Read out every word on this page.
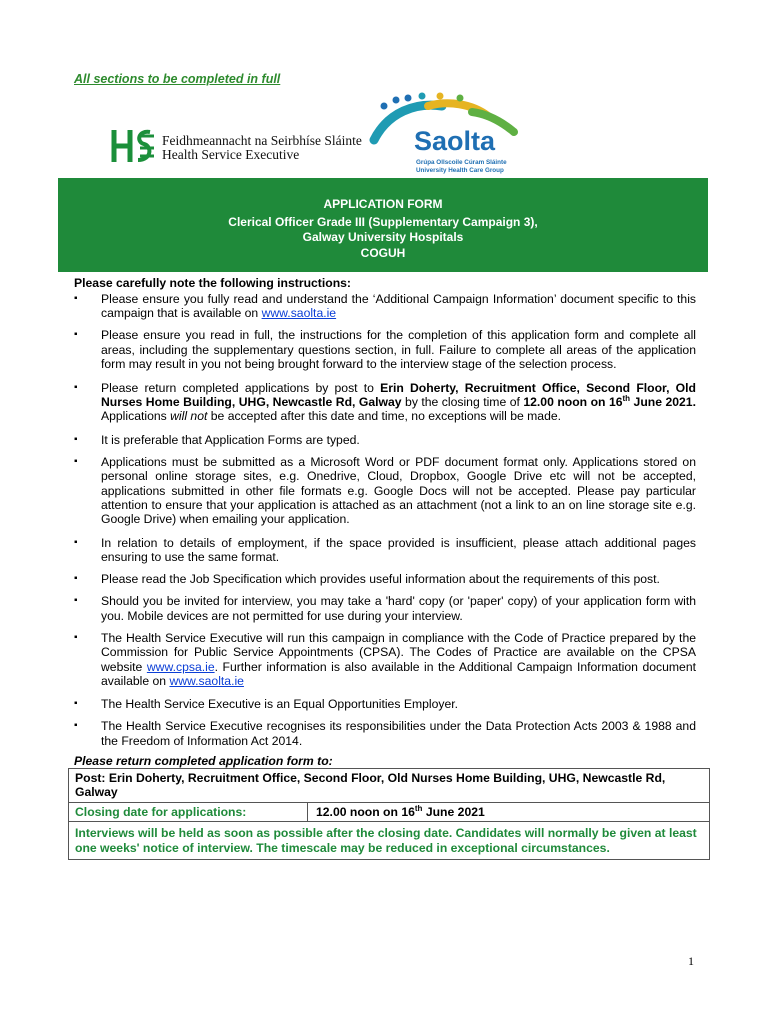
All sections to be completed in full
Feidhmeannacht na Seirbhíse Sláinte
Health Service Executive	Saolta
Grúpa Ollscoile Cúram Sláinte
University Health Care Group
APPLICATION FORM
Clerical Officer Grade III (Supplementary Campaign 3),
Galway University Hospitals
COGUH
Please carefully note the following instructions:
▪ Please ensure you fully read and understand the ‘Additional Campaign Information’ document specific to this campaign that is available on www.saolta.ie
▪ Please ensure you read in full, the instructions for the completion of this application form and complete all areas, including the supplementary questions section, in full. Failure to complete all areas of the application form may result in you not being brought forward to the interview stage of the selection process.
▪ Please return completed applications by post to Erin Doherty, Recruitment Office, Second Floor, Old Nurses Home Building, UHG, Newcastle Rd, Galway by the closing time of 12.00 noon on 16th June 2021. Applications will not be accepted after this date and time, no exceptions will be made.
▪ It is preferable that Application Forms are typed.
▪ Applications must be submitted as a Microsoft Word or PDF document format only. Applications stored on personal online storage sites, e.g. Onedrive, Cloud, Dropbox, Google Drive etc will not be accepted, applications submitted in other file formats e.g. Google Docs will not be accepted. Please pay particular attention to ensure that your application is attached as an attachment (not a link to an on line storage site e.g. Google Drive) when emailing your application.
▪ In relation to details of employment, if the space provided is insufficient, please attach additional pages ensuring to use the same format.
▪ Please read the Job Specification which provides useful information about the requirements of this post.
▪ Should you be invited for interview, you may take a 'hard' copy (or 'paper' copy) of your application form with you. Mobile devices are not permitted for use during your interview.
▪ The Health Service Executive will run this campaign in compliance with the Code of Practice prepared by the Commission for Public Service Appointments (CPSA). The Codes of Practice are available on the CPSA website www.cpsa.ie. Further information is also available in the Additional Campaign Information document available on www.saolta.ie
▪ The Health Service Executive is an Equal Opportunities Employer.
▪ The Health Service Executive recognises its responsibilities under the Data Protection Acts 2003 & 1988 and the Freedom of Information Act 2014.
Please return completed application form to:
Post: Erin Doherty, Recruitment Office, Second Floor, Old Nurses Home Building, UHG, Newcastle Rd, Galway
Closing date for applications:	12.00 noon on 16th June 2021
Interviews will be held as soon as possible after the closing date. Candidates will normally be given at least one weeks' notice of interview. The timescale may be reduced in exceptional circumstances.
1
